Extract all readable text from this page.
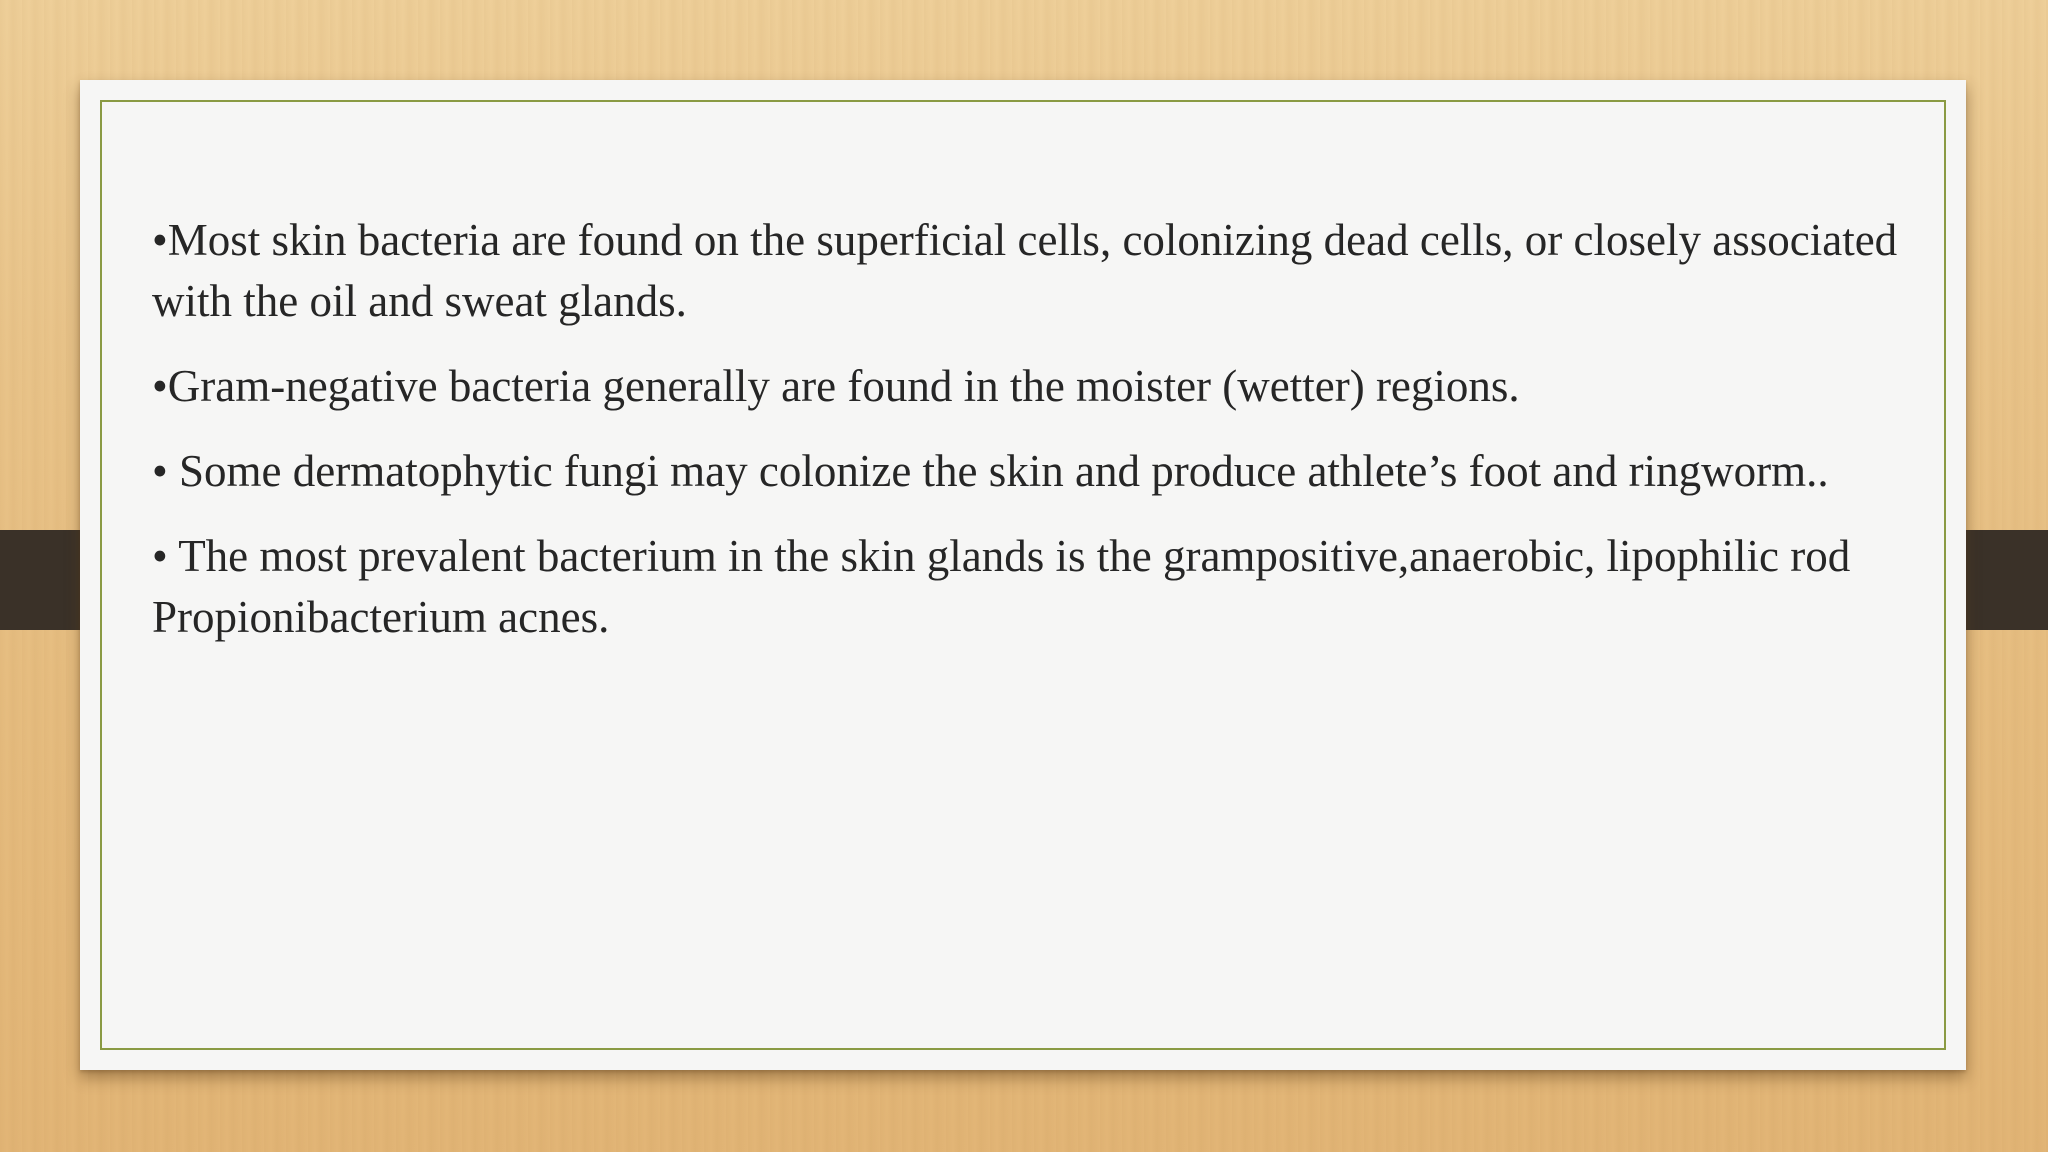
•Most skin bacteria are found on the superficial cells, colonizing dead cells, or closely associated with the oil and sweat glands.

•Gram-negative bacteria generally are found in the moister (wetter) regions.

• Some dermatophytic fungi may colonize the skin and produce athlete’s foot and ringworm..

• The most prevalent bacterium in the skin glands is the grampositive,anaerobic, lipophilic rod Propionibacterium acnes.
